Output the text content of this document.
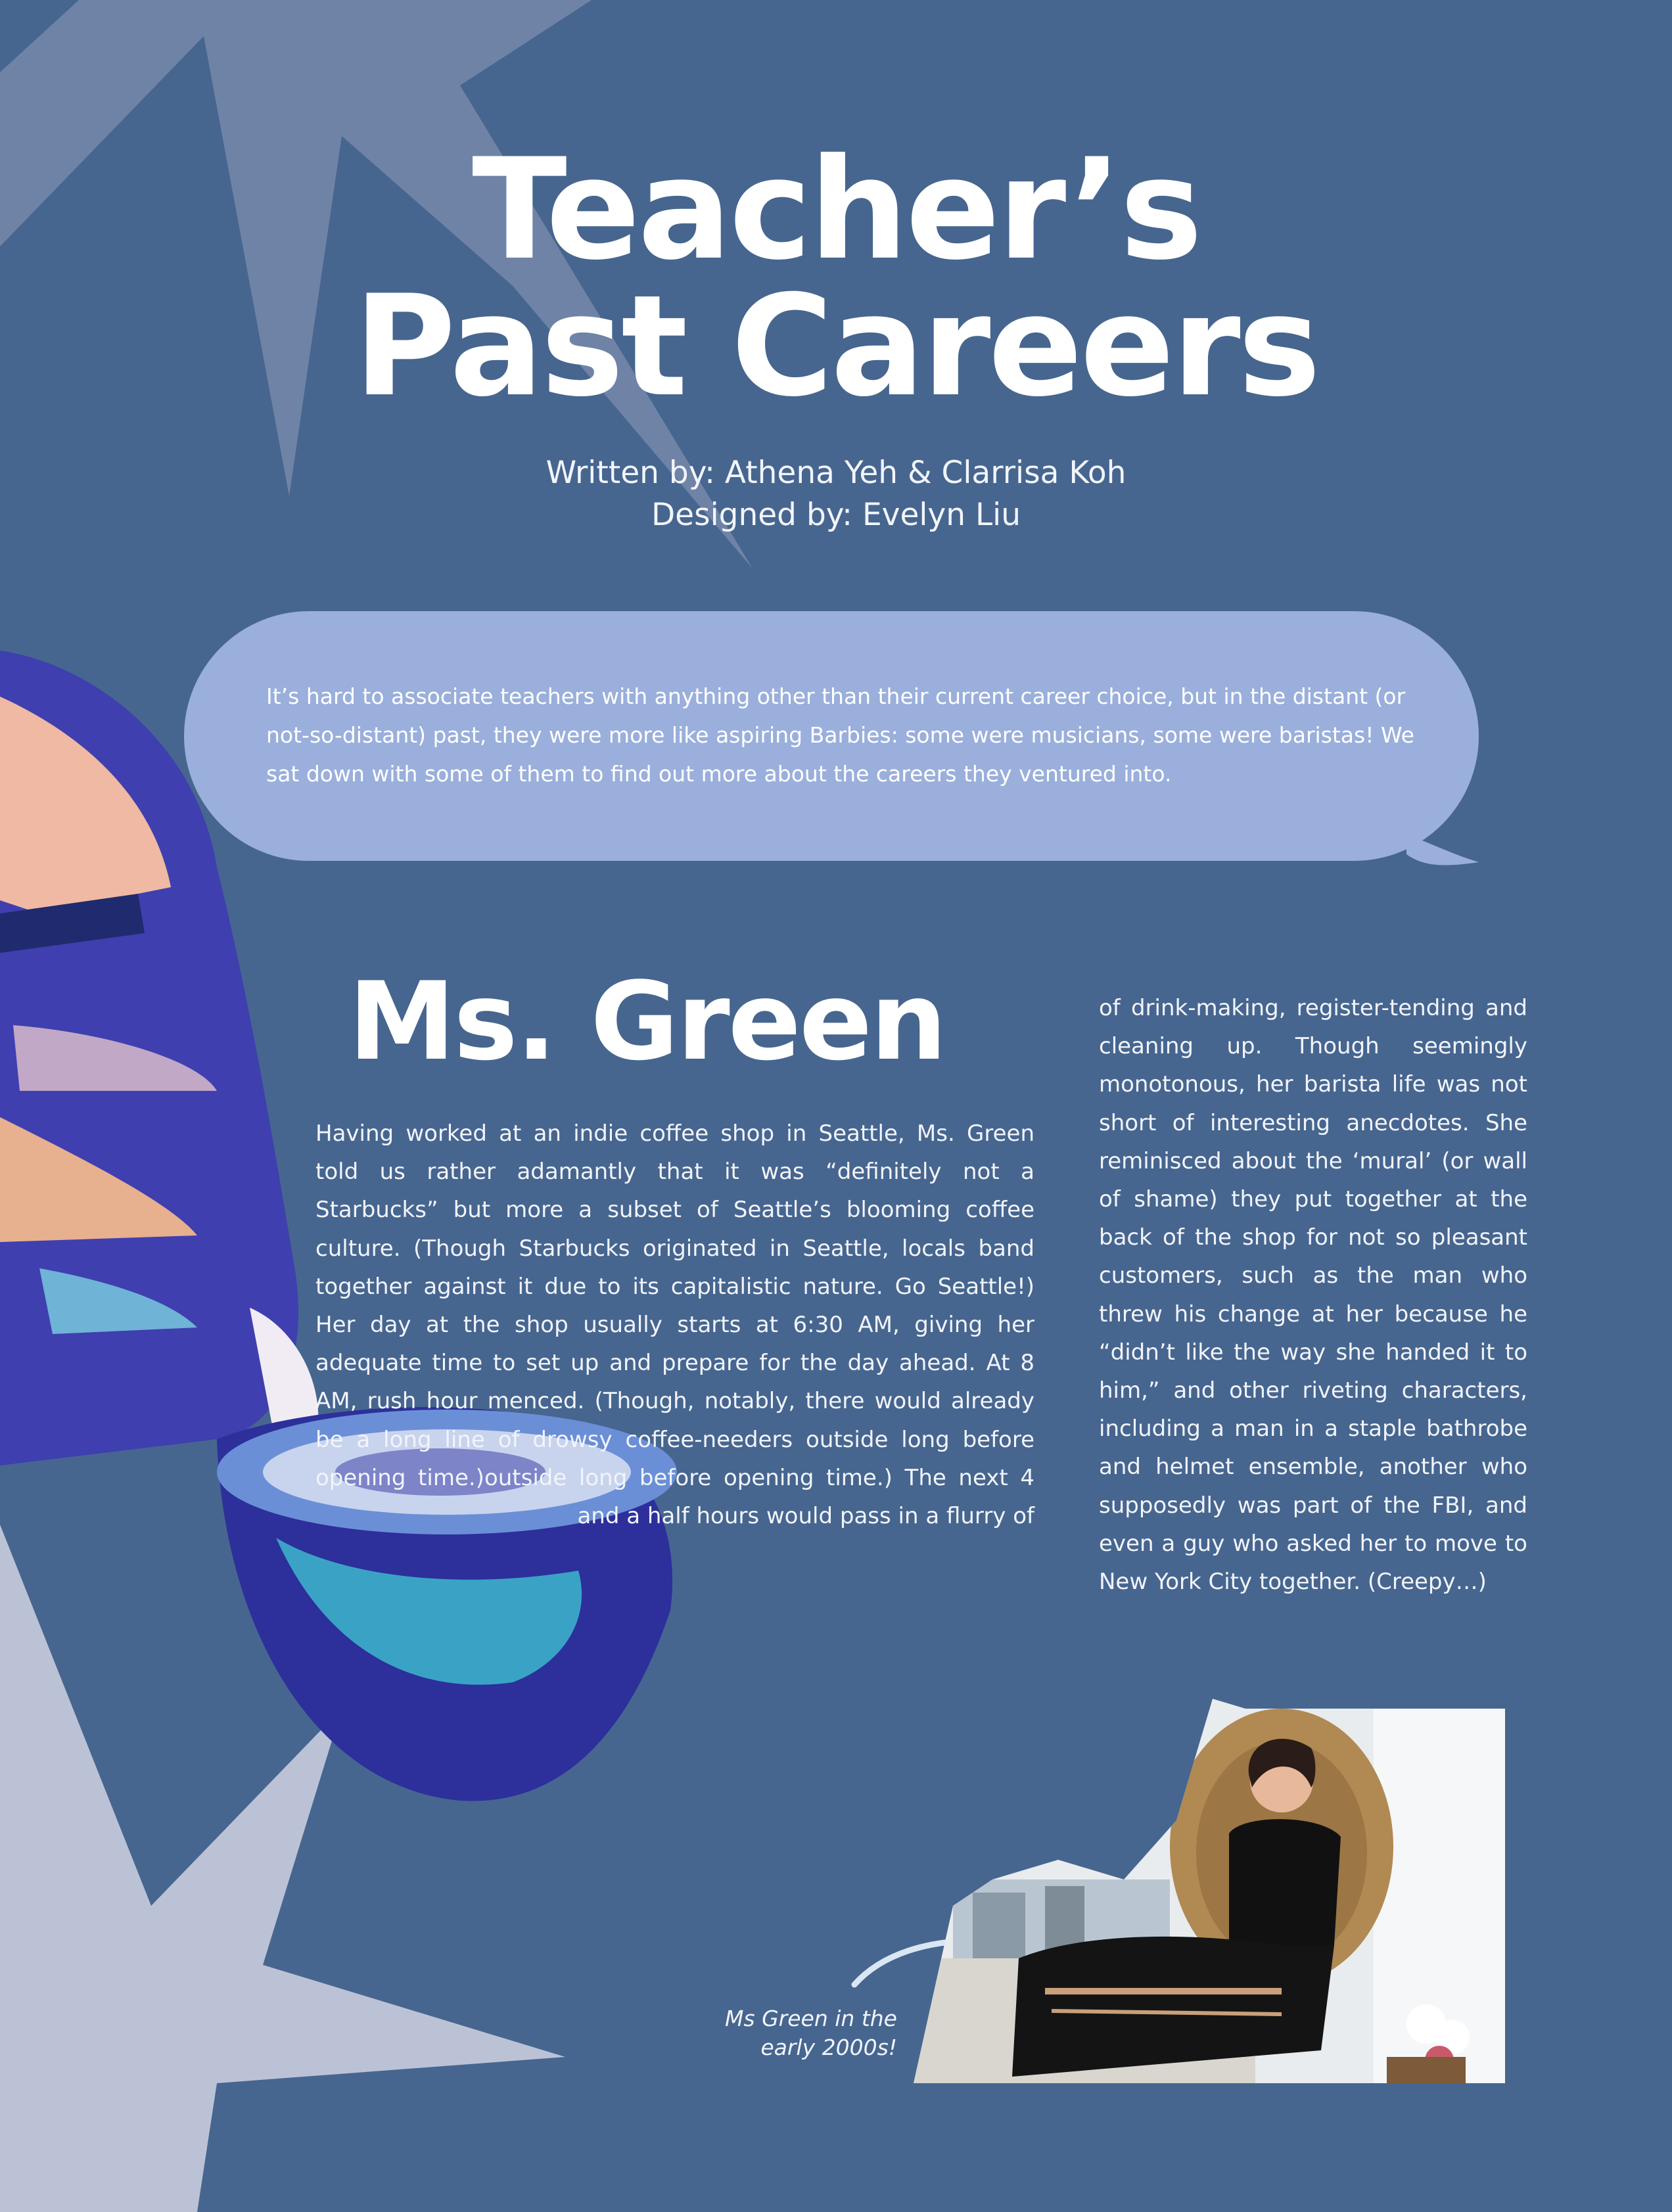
Teacher’s
Past Careers
Written by: Athena Yeh & Clarrisa Koh
Designed by: Evelyn Liu

It’s hard to associate teachers with anything other than their current career choice, but in the distant (or not-so-distant) past, they were more like aspiring Barbies: some were musicians, some were baristas! We sat down with some of them to find out more about the careers they ventured into.

Ms. Green
Having worked at an indie coffee shop in Seattle, Ms. Green told us rather adamantly that it was “definitely not a Starbucks” but more a subset of Seattle’s blooming coffee culture. (Though Starbucks originated in Seattle, locals band together against it due to its capitalistic nature. Go Seattle!) Her day at the shop usually starts at 6:30 AM, giving her adequate time to set up and prepare for the day ahead. At 8 AM, rush hour menced. (Though, notably, there would already be a long line of drowsy coffee-needers outside long before opening time.)outside long before opening time.) The next 4 and a half hours would pass in a flurry of

of drink-making, register-tending and cleaning up. Though seemingly monotonous, her barista life was not short of interesting anecdotes. She reminisced about the ‘mural’ (or wall of shame) they put together at the back of the shop for not so pleasant customers, such as the man who threw his change at her because he “didn’t like the way she handed it to him,” and other riveting characters, including a man in a staple bathrobe and helmet ensemble, another who supposedly was part of the FBI, and even a guy who asked her to move to New York City together. (Creepy…)

Ms Green in the
early 2000s!
